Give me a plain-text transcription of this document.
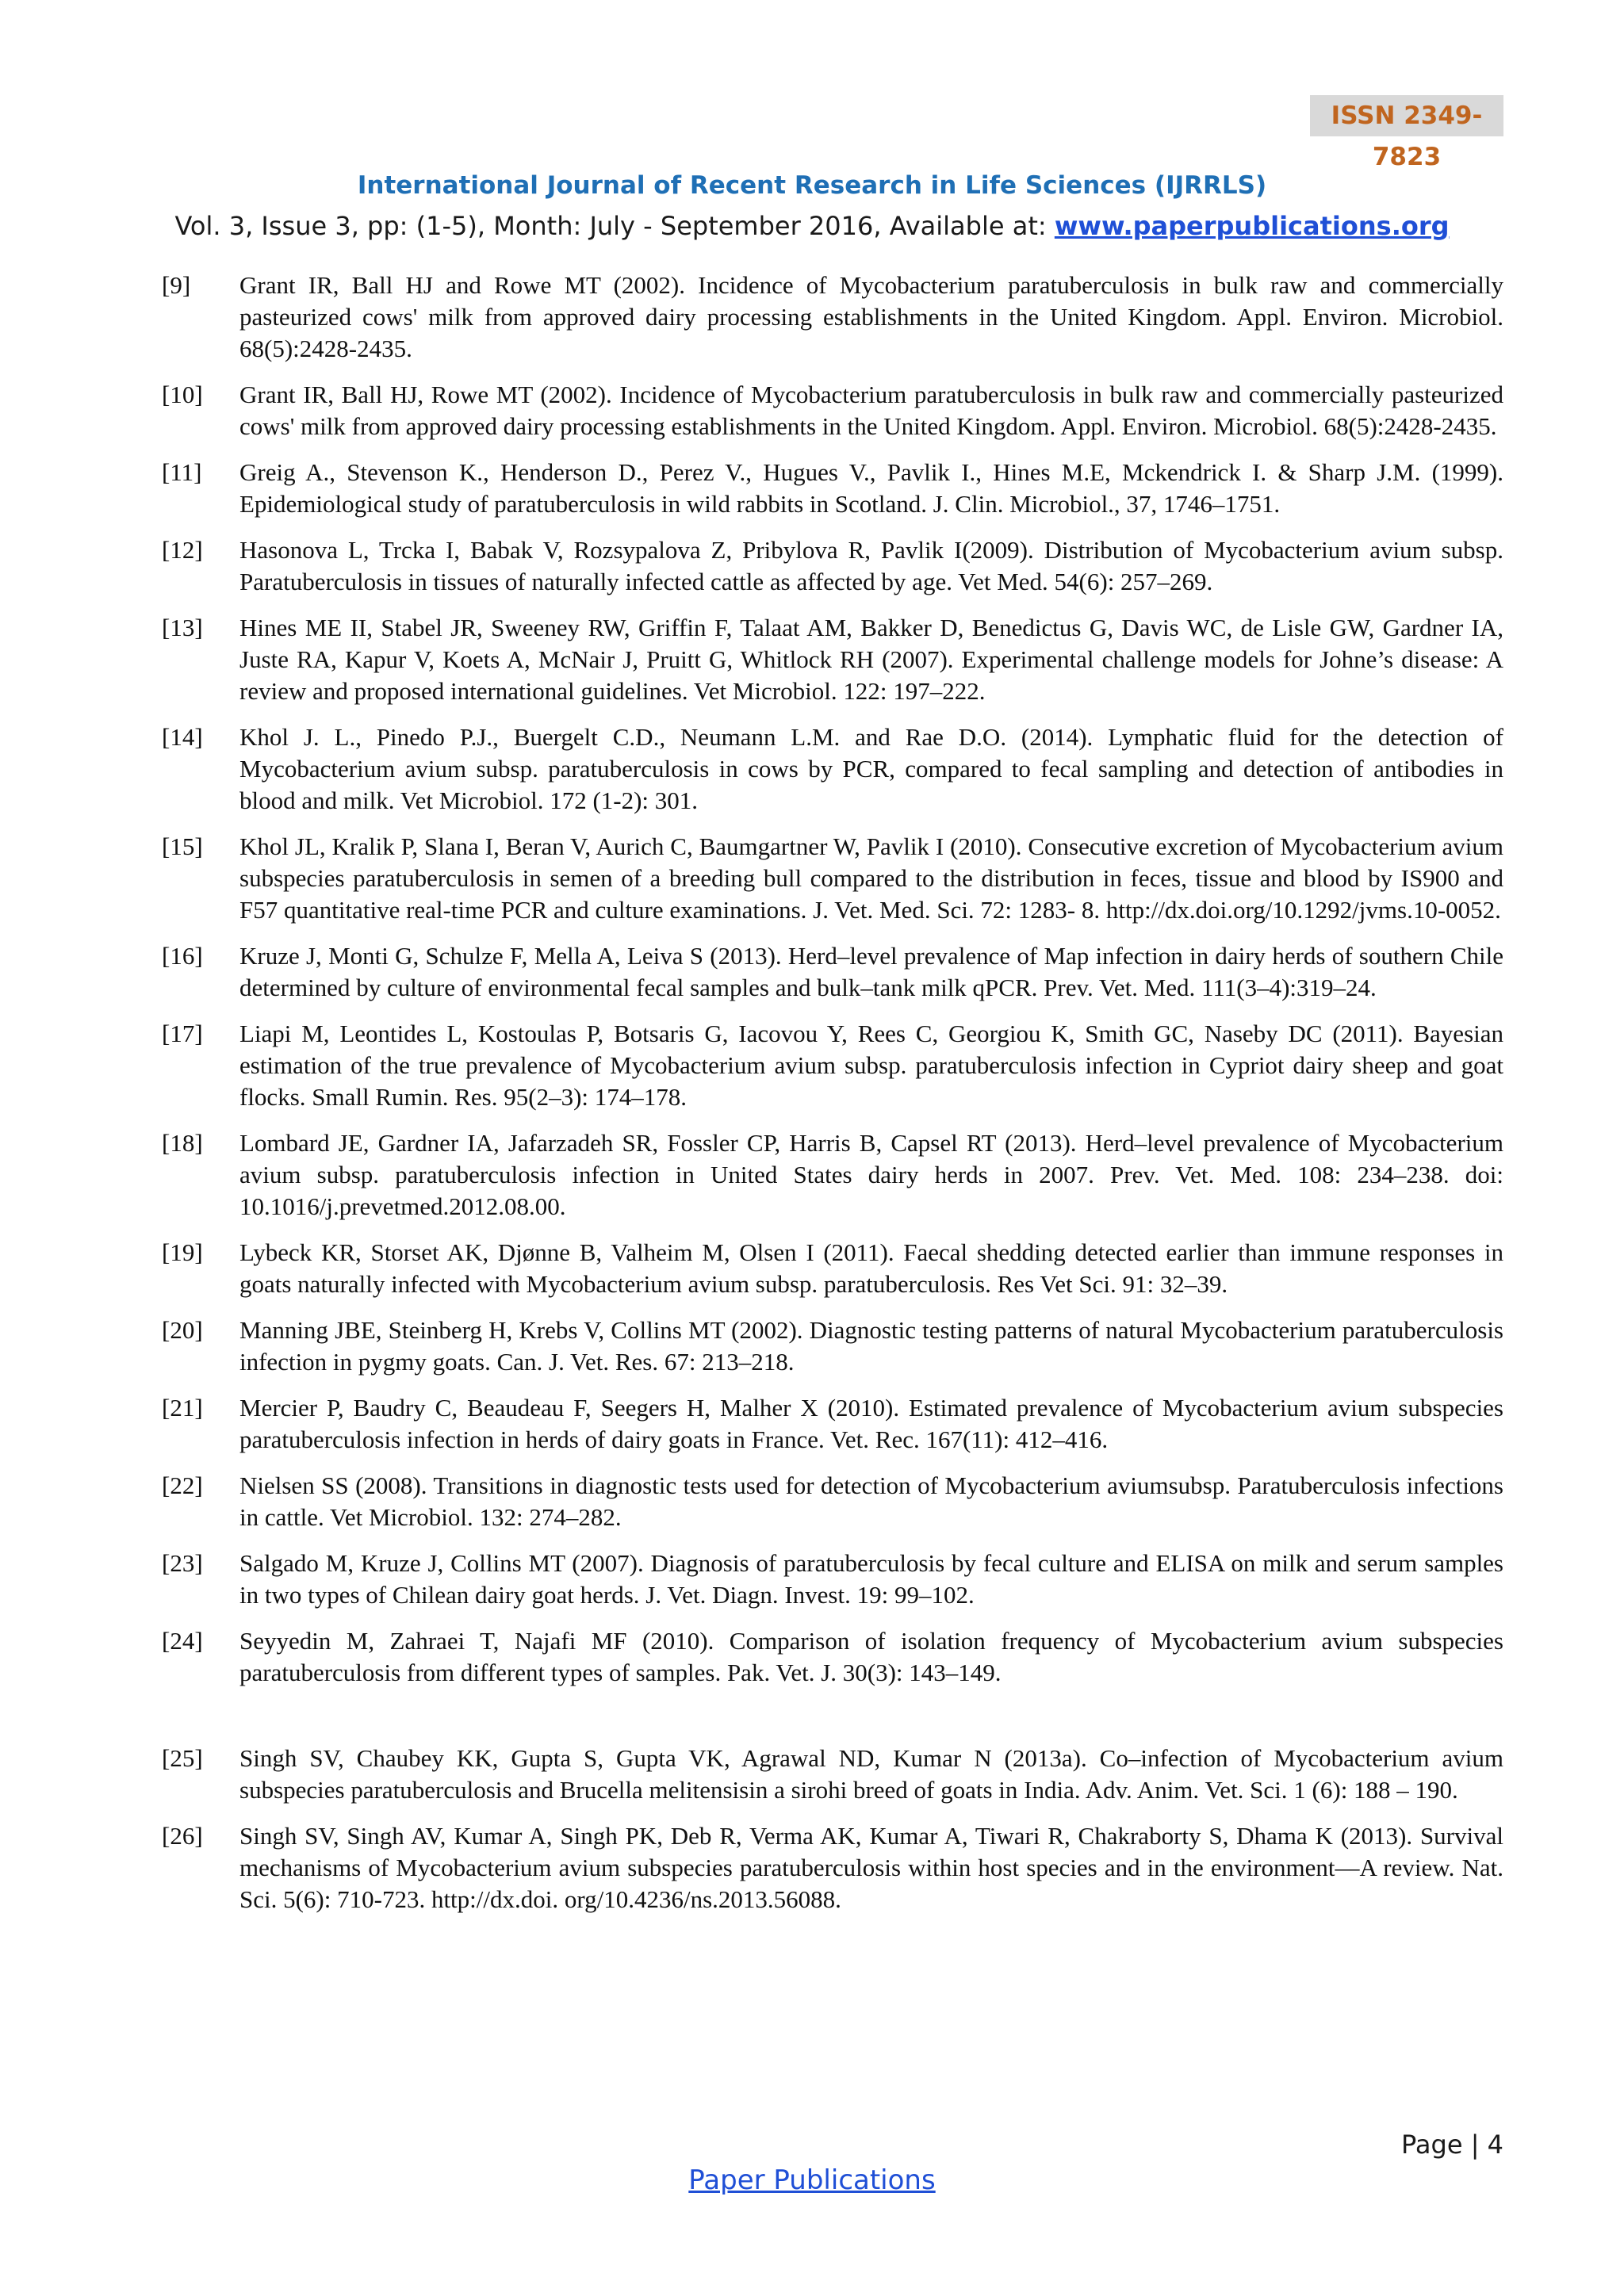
ISSN 2349-7823
International Journal of Recent Research in Life Sciences (IJRRLS)
Vol. 3, Issue 3, pp: (1-5), Month: July - September 2016, Available at: www.paperpublications.org
[9]	Grant IR, Ball HJ and Rowe MT (2002). Incidence of Mycobacterium paratuberculosis in bulk raw and commercially pasteurized cows' milk from approved dairy processing establishments in the United Kingdom. Appl. Environ. Microbiol. 68(5):2428-2435.
[10]	Grant IR, Ball HJ, Rowe MT (2002). Incidence of Mycobacterium paratuberculosis in bulk raw and commercially pasteurized cows' milk from approved dairy processing establishments in the United Kingdom. Appl. Environ. Microbiol. 68(5):2428-2435.
[11]	Greig A., Stevenson K., Henderson D., Perez V., Hugues V., Pavlik I., Hines M.E, Mckendrick I. & Sharp J.M. (1999). Epidemiological study of paratuberculosis in wild rabbits in Scotland. J. Clin. Microbiol., 37, 1746–1751.
[12]	Hasonova L, Trcka I, Babak V, Rozsypalova Z, Pribylova R, Pavlik I(2009). Distribution of Mycobacterium avium subsp. Paratuberculosis in tissues of naturally infected cattle as affected by age. Vet Med. 54(6): 257–269.
[13]	Hines ME II, Stabel JR, Sweeney RW, Griffin F, Talaat AM, Bakker D, Benedictus G, Davis WC, de Lisle GW, Gardner IA, Juste RA, Kapur V, Koets A, McNair J, Pruitt G, Whitlock RH (2007). Experimental challenge models for Johne’s disease: A review and proposed international guidelines. Vet Microbiol. 122: 197–222.
[14]	Khol J. L., Pinedo P.J., Buergelt C.D., Neumann L.M. and Rae D.O. (2014). Lymphatic fluid for the detection of Mycobacterium avium subsp. paratuberculosis in cows by PCR, compared to fecal sampling and detection of antibodies in blood and milk. Vet Microbiol. 172 (1-2): 301.
[15]	Khol JL, Kralik P, Slana I, Beran V, Aurich C, Baumgartner W, Pavlik I (2010). Consecutive excretion of Mycobacterium avium subspecies paratuberculosis in semen of a breeding bull compared to the distribution in feces, tissue and blood by IS900 and F57 quantitative real-time PCR and culture examinations. J. Vet. Med. Sci. 72: 1283- 8. http://dx.doi.org/10.1292/jvms.10-0052.
[16]	Kruze J, Monti G, Schulze F, Mella A, Leiva S (2013). Herd–level prevalence of Map infection in dairy herds of southern Chile determined by culture of environmental fecal samples and bulk–tank milk qPCR. Prev. Vet. Med. 111(3–4):319–24.
[17]	Liapi M, Leontides L, Kostoulas P, Botsaris G, Iacovou Y, Rees C, Georgiou K, Smith GC, Naseby DC (2011). Bayesian estimation of the true prevalence of Mycobacterium avium subsp. paratuberculosis infection in Cypriot dairy sheep and goat flocks. Small Rumin. Res. 95(2–3): 174–178.
[18]	Lombard JE, Gardner IA, Jafarzadeh SR, Fossler CP, Harris B, Capsel RT (2013). Herd–level prevalence of Mycobacterium avium subsp. paratuberculosis infection in United States dairy herds in 2007. Prev. Vet. Med. 108: 234–238. doi: 10.1016/j.prevetmed.2012.08.00.
[19]	Lybeck KR, Storset AK, Djønne B, Valheim M, Olsen I (2011). Faecal shedding detected earlier than immune responses in goats naturally infected with Mycobacterium avium subsp. paratuberculosis. Res Vet Sci. 91: 32–39.
[20]	Manning JBE, Steinberg H, Krebs V, Collins MT (2002). Diagnostic testing patterns of natural Mycobacterium paratuberculosis infection in pygmy goats. Can. J. Vet. Res. 67: 213–218.
[21]	Mercier P, Baudry C, Beaudeau F, Seegers H, Malher X (2010). Estimated prevalence of Mycobacterium avium subspecies paratuberculosis infection in herds of dairy goats in France. Vet. Rec. 167(11): 412–416.
[22]	Nielsen SS (2008). Transitions in diagnostic tests used for detection of Mycobacterium aviumsubsp. Paratuberculosis infections in cattle. Vet Microbiol. 132: 274–282.
[23]	Salgado M, Kruze J, Collins MT (2007). Diagnosis of paratuberculosis by fecal culture and ELISA on milk and serum samples in two types of Chilean dairy goat herds. J. Vet. Diagn. Invest. 19: 99–102.
[24]	Seyyedin M, Zahraei T, Najafi MF (2010). Comparison of isolation frequency of Mycobacterium avium subspecies paratuberculosis from different types of samples. Pak. Vet. J. 30(3): 143–149.
[25]	Singh SV, Chaubey KK, Gupta S, Gupta VK, Agrawal ND, Kumar N (2013a). Co–infection of Mycobacterium avium subspecies paratuberculosis and Brucella melitensisin a sirohi breed of goats in India. Adv. Anim. Vet. Sci. 1 (6): 188 – 190.
[26]	Singh SV, Singh AV, Kumar A, Singh PK, Deb R, Verma AK, Kumar A, Tiwari R, Chakraborty S, Dhama K (2013). Survival mechanisms of Mycobacterium avium subspecies paratuberculosis within host species and in the environment—A review. Nat. Sci. 5(6): 710-723. http://dx.doi. org/10.4236/ns.2013.56088.
Page | 4
Paper Publications
